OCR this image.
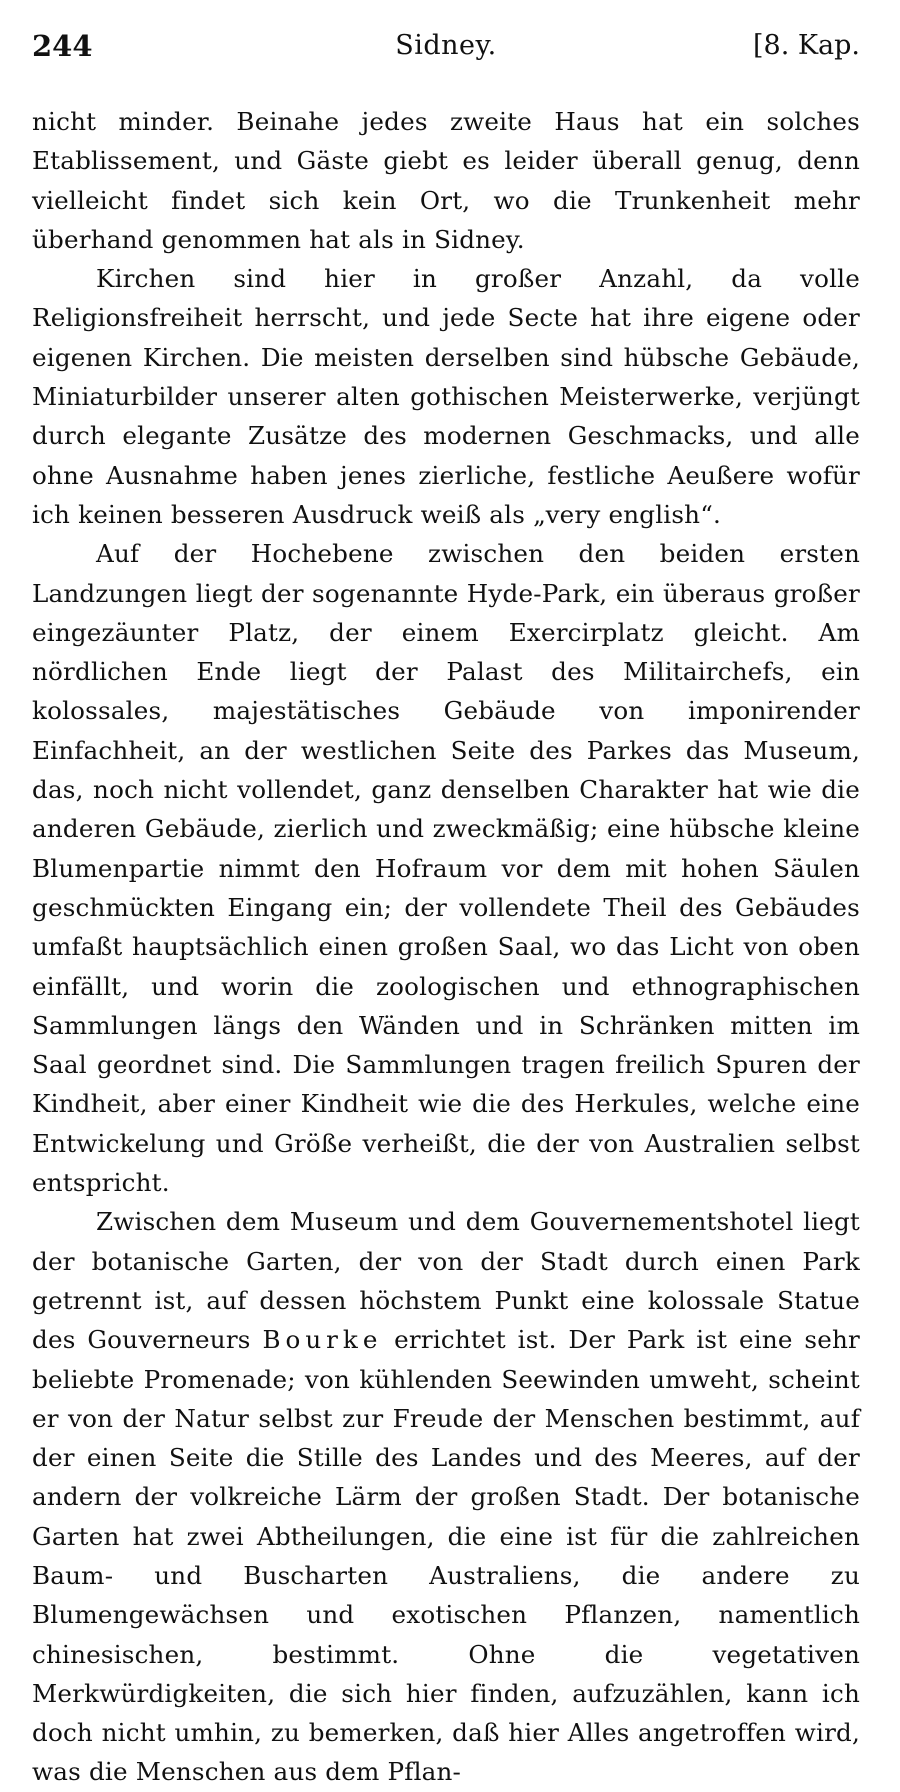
244	Sidney.	[8. Kap.

nicht minder. Beinahe jedes zweite Haus hat ein solches Etablissement, und Gäste giebt es leider überall genug, denn vielleicht findet sich kein Ort, wo die Trunkenheit mehr überhand genommen hat als in Sidney.

Kirchen sind hier in großer Anzahl, da volle Religionsfreiheit herrscht, und jede Secte hat ihre eigene oder eigenen Kirchen. Die meisten derselben sind hübsche Gebäude, Miniaturbilder unserer alten gothischen Meisterwerke, verjüngt durch elegante Zusätze des modernen Geschmacks, und alle ohne Ausnahme haben jenes zierliche, festliche Aeußere wofür ich keinen besseren Ausdruck weiß als „very english“.

Auf der Hochebene zwischen den beiden ersten Landzungen liegt der sogenannte Hyde-Park, ein überaus großer eingezäunter Platz, der einem Exercirplatz gleicht. Am nördlichen Ende liegt der Palast des Militairchefs, ein kolossales, majestätisches Gebäude von imponirender Einfachheit, an der westlichen Seite des Parkes das Museum, das, noch nicht vollendet, ganz denselben Charakter hat wie die anderen Gebäude, zierlich und zweckmäßig; eine hübsche kleine Blumenpartie nimmt den Hofraum vor dem mit hohen Säulen geschmückten Eingang ein; der vollendete Theil des Gebäudes umfaßt hauptsächlich einen großen Saal, wo das Licht von oben einfällt, und worin die zoologischen und ethnographischen Sammlungen längs den Wänden und in Schränken mitten im Saal geordnet sind. Die Sammlungen tragen freilich Spuren der Kindheit, aber einer Kindheit wie die des Herkules, welche eine Entwickelung und Größe verheißt, die der von Australien selbst entspricht.

Zwischen dem Museum und dem Gouvernementshotel liegt der botanische Garten, der von der Stadt durch einen Park getrennt ist, auf dessen höchstem Punkt eine kolossale Statue des Gouverneurs Bourke errichtet ist. Der Park ist eine sehr beliebte Promenade; von kühlenden Seewinden umweht, scheint er von der Natur selbst zur Freude der Menschen bestimmt, auf der einen Seite die Stille des Landes und des Meeres, auf der andern der volkreiche Lärm der großen Stadt. Der botanische Garten hat zwei Abtheilungen, die eine ist für die zahlreichen Baum- und Buscharten Australiens, die andere zu Blumengewächsen und exotischen Pflanzen, namentlich chinesischen, bestimmt. Ohne die vegetativen Merkwürdigkeiten, die sich hier finden, aufzuzählen, kann ich doch nicht umhin, zu bemerken, daß hier Alles angetroffen wird, was die Menschen aus dem Pflan-
